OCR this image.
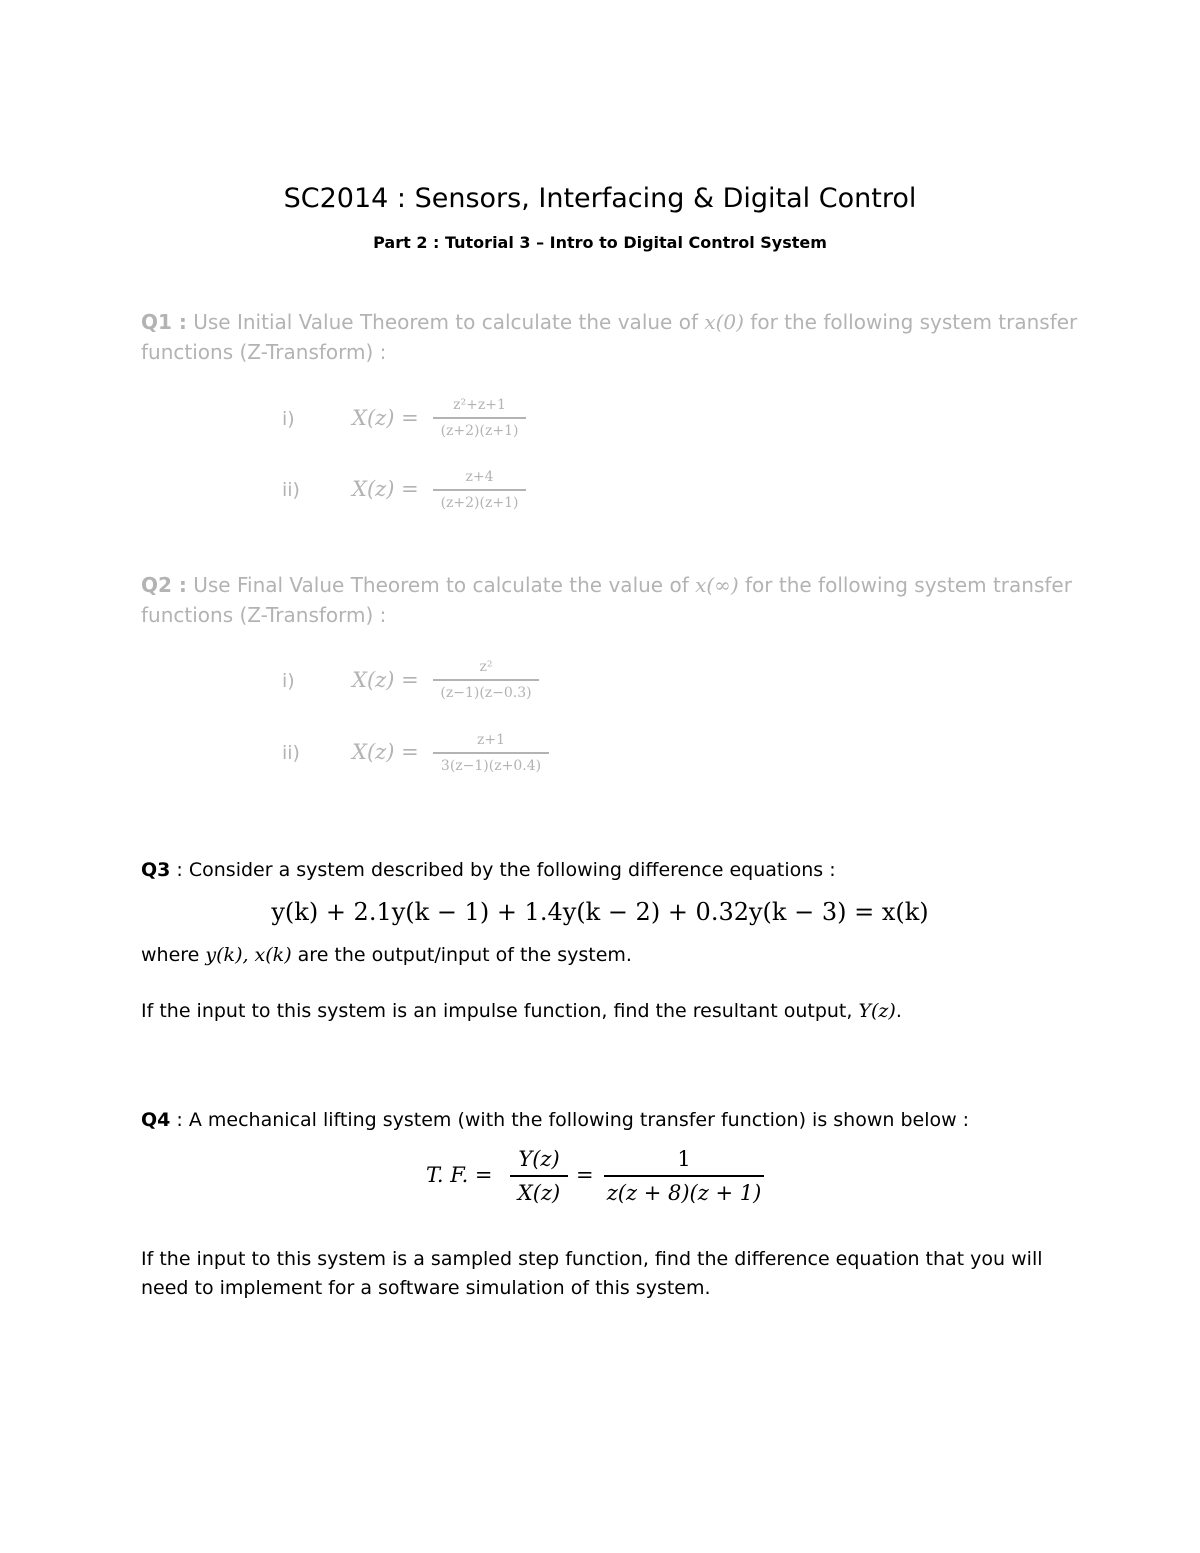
SC2014 : Sensors, Interfacing & Digital Control
Part 2 : Tutorial 3 – Intro to Digital Control System
Q1 : Use Initial Value Theorem to calculate the value of x(0) for the following system transfer
functions (Z-Transform) :
i)	X(z) =
z²+z+1
(z+2)(z+1)
ii) X(z) =	z+4
(z+2)(z+1)
Q2 : Use Final Value Theorem to calculate the value of x(∞) for the following system transfer
functions (Z-Transform) :
i)	X(z) =
z²
(z−1)(z−0.3)
ii) X(z) =	z+1
3(z−1)(z+0.4)
Q3 : Consider a system described by the following difference equations :
y(k) + 2.1y(k − 1) + 1.4y(k − 2) + 0.32y(k − 3) = x(k)
where y(k), x(k) are the output/input of the system.
If the input to this system is an impulse function, find the resultant output, Y(z).
Q4 : A mechanical lifting system (with the following transfer function) is shown below :
T. F. =
Y(z)
X(z)
=
1
z(z + 8)(z + 1)
If the input to this system is a sampled step function, find the difference equation that you will
need to implement for a software simulation of this system.
